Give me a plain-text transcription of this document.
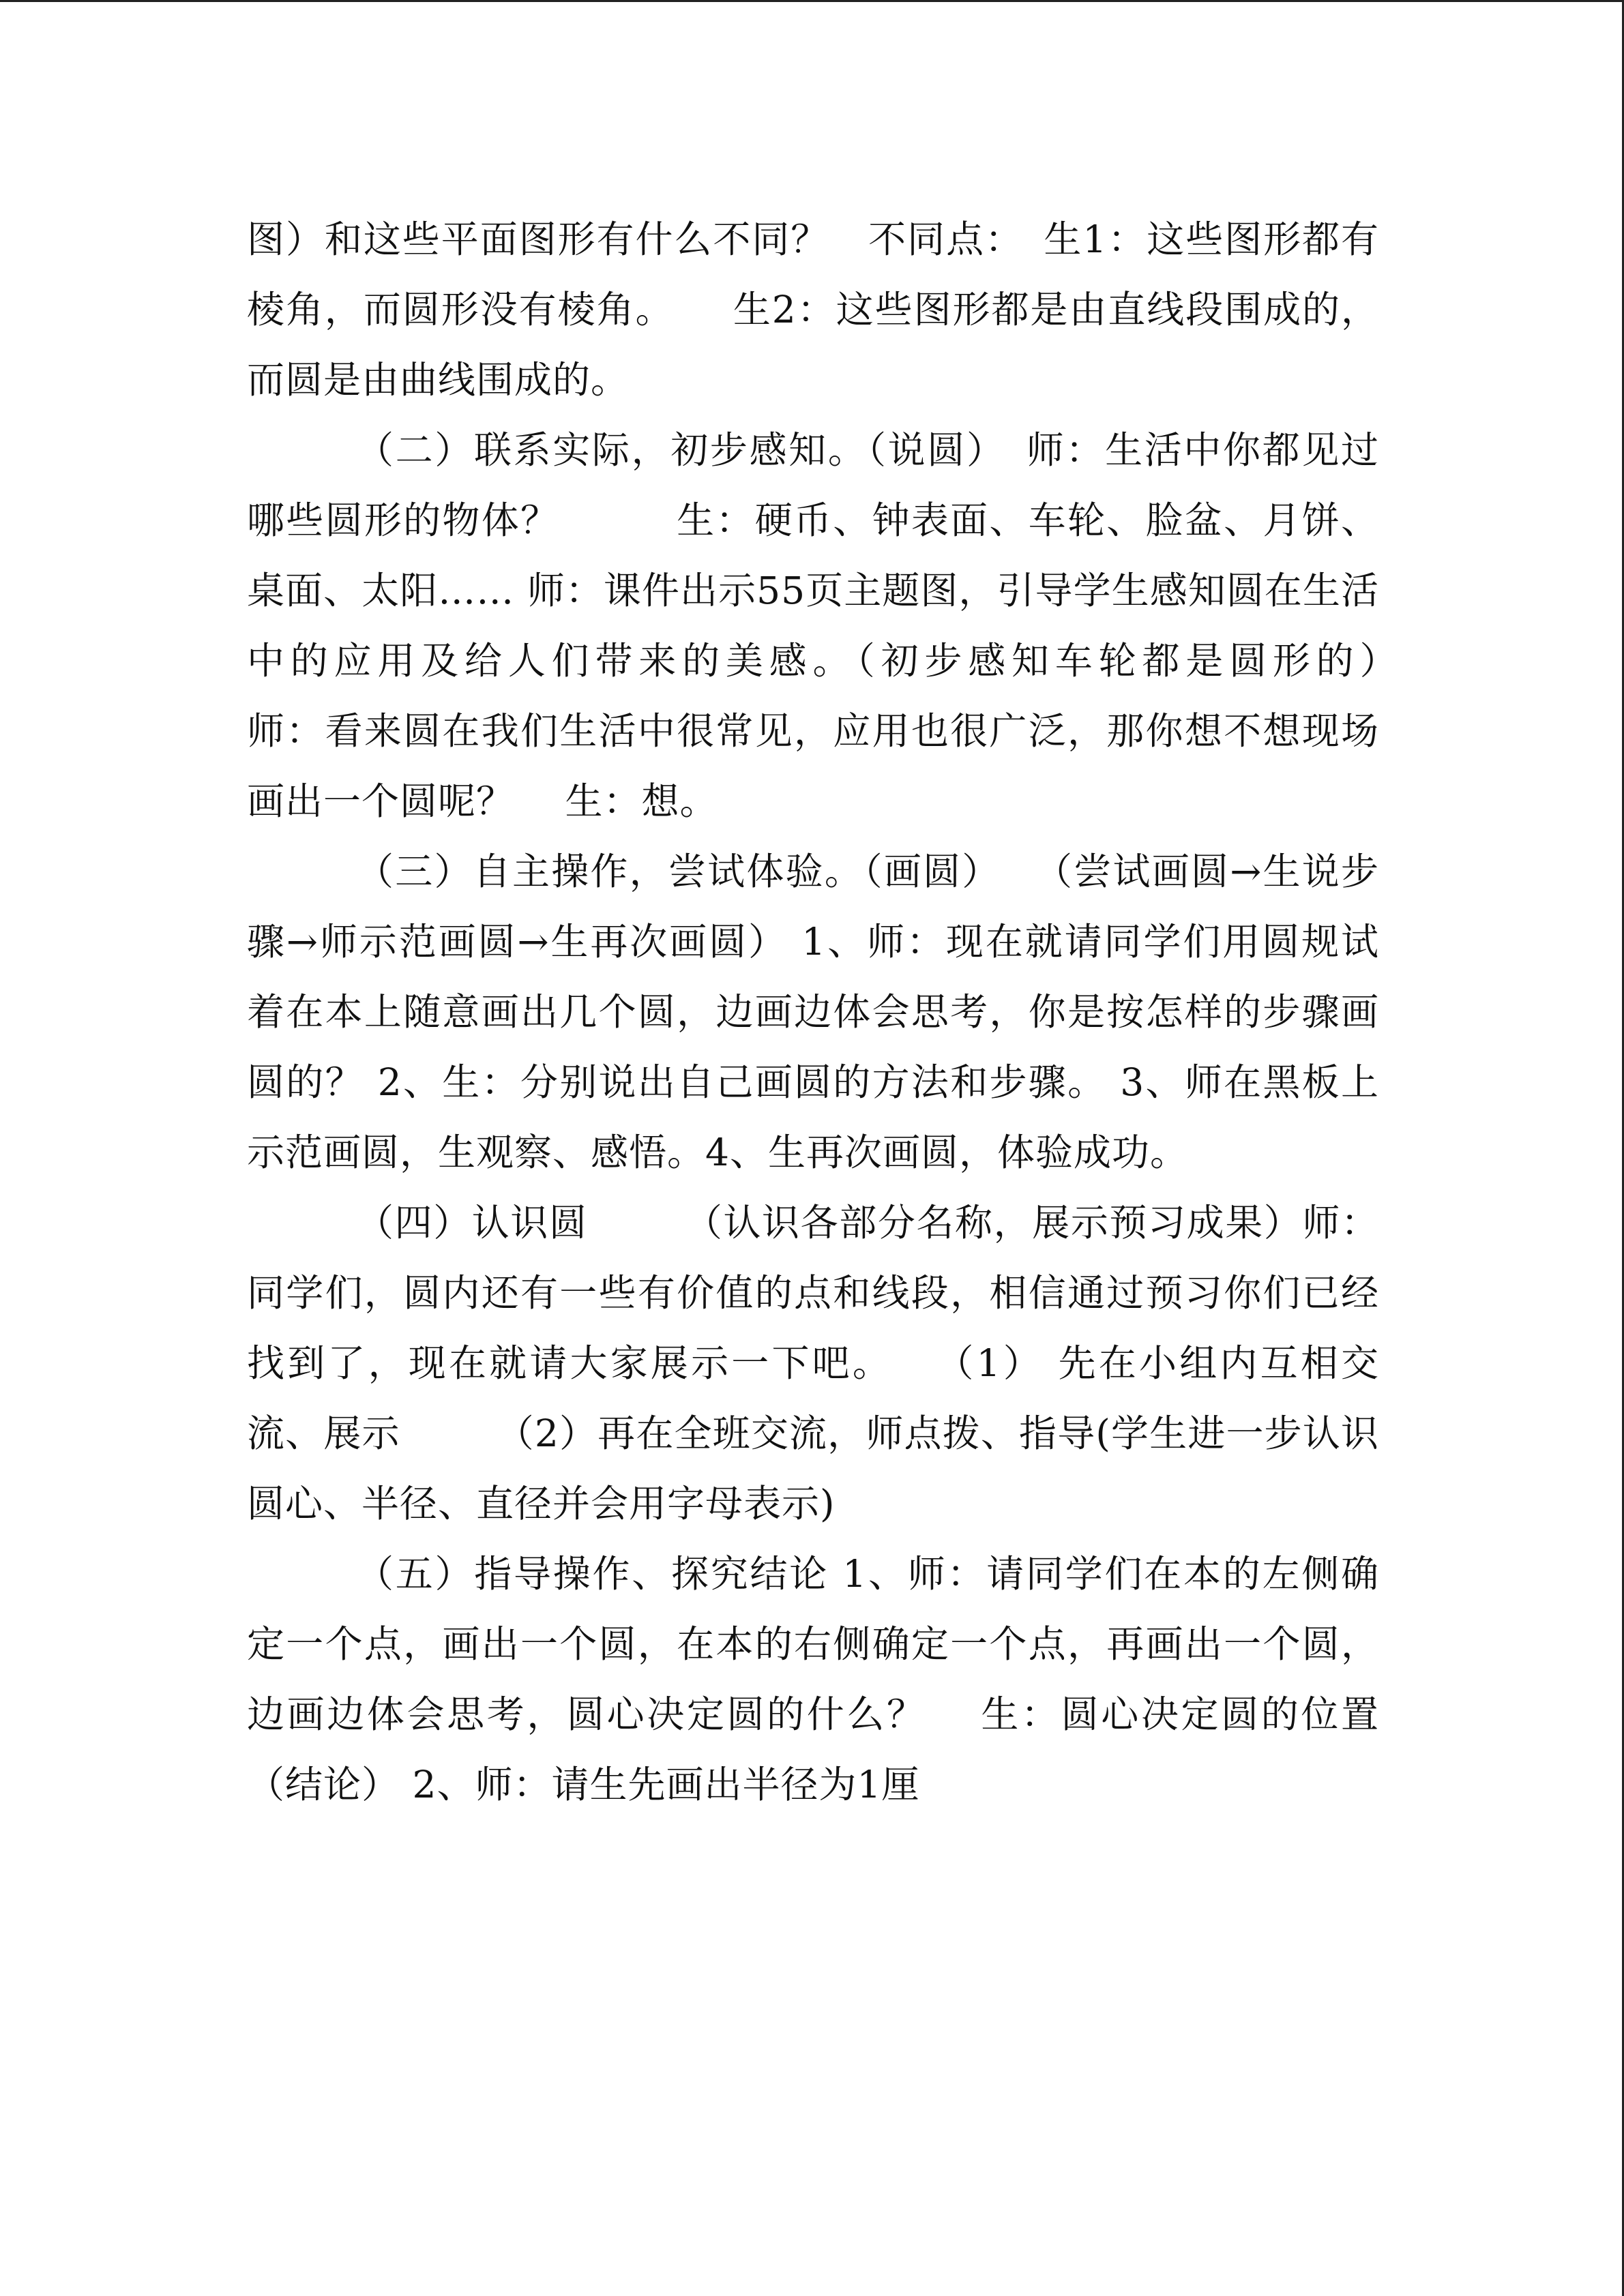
图）和这些平面图形有什么不同？　不同点：　生1：这些图形都有棱角，而圆形没有棱角。　　生2：这些图形都是由直线段围成的，而圆是由曲线围成的。

（二）联系实际，初步感知。（说圆）　师：生活中你都见过哪些圆形的物体？　　　生：硬币、钟表面、车轮、脸盆、月饼、桌面、太阳…… 师：课件出示55页主题图，引导学生感知圆在生活中的应用及给人们带来的美感。（初步感知车轮都是圆形的）　　　师：看来圆在我们生活中很常见，应用也很广泛，那你想不想现场画出一个圆呢？　 生：想。

（三）自主操作，尝试体验。（画圆）　 （尝试画圆→生说步骤→师示范画圆→生再次画圆） 1、师：现在就请同学们用圆规试着在本上随意画出几个圆，边画边体会思考，你是按怎样的步骤画圆的？ 2、生：分别说出自己画圆的方法和步骤。 3、师在黑板上示范画圆，生观察、感悟。4、生再次画圆，体验成功。

（四）认识圆　　　（认识各部分名称，展示预习成果）师：同学们，圆内还有一些有价值的点和线段，相信通过预习你们已经找到了，现在就请大家展示一下吧。　　（1） 先在小组内互相交流、展示　　　（2）再在全班交流，师点拨、指导(学生进一步认识圆心、半径、直径并会用字母表示)

（五）指导操作、探究结论 1、师：请同学们在本的左侧确定一个点，画出一个圆，在本的右侧确定一个点，再画出一个圆，边画边体会思考，圆心决定圆的什么？　 生：圆心决定圆的位置（结论） 2、师：请生先画出半径为1厘
